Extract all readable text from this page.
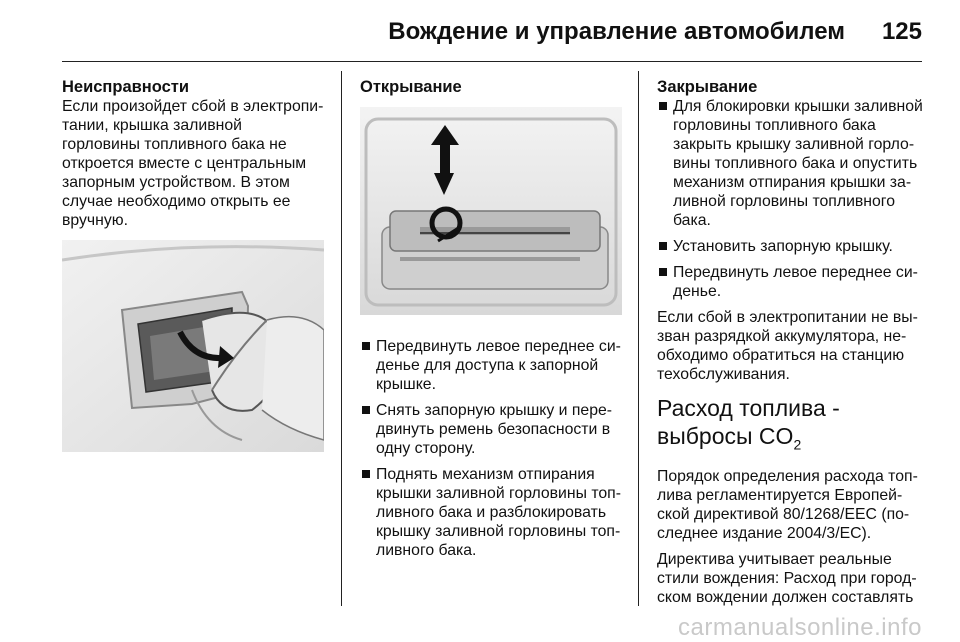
Вождение и управление автомобилем 125
Неисправности

Если произойдет сбой в электропитании, крышка заливной горловины топливного бака не откроется вместе с центральным запорным устройством. В этом случае необходимо открыть ее вручную.

Открывание
Передвинуть левое переднее сиденье для доступа к запорной крышке.
Снять запорную крышку и передвинуть ремень безопасности в одну сторону.
Поднять механизм отпирания крышки заливной горловины топливного бака и разблокировать крышку заливной горловины топливного бака.
Закрывание
Для блокировки крышки заливной горловины топливного бака закрыть крышку заливной горловины топливного бака и опустить механизм отпирания крышки заливной горловины топливного бака.
Установить запорную крышку.
Передвинуть левое переднее сиденье.

Если сбой в электропитании не вызван разрядкой аккумулятора, необходимо обратиться на станцию техобслуживания.

Расход топлива -
выбросы $CO_2$

Порядок определения расхода топлива регламентируется Европейской директивой 80/1268/EEC (последнее издание 2004/3/EC).

Директива учитывает реальные стили вождения: Расход при городском вождении должен составлять

carmanualsonline.info
